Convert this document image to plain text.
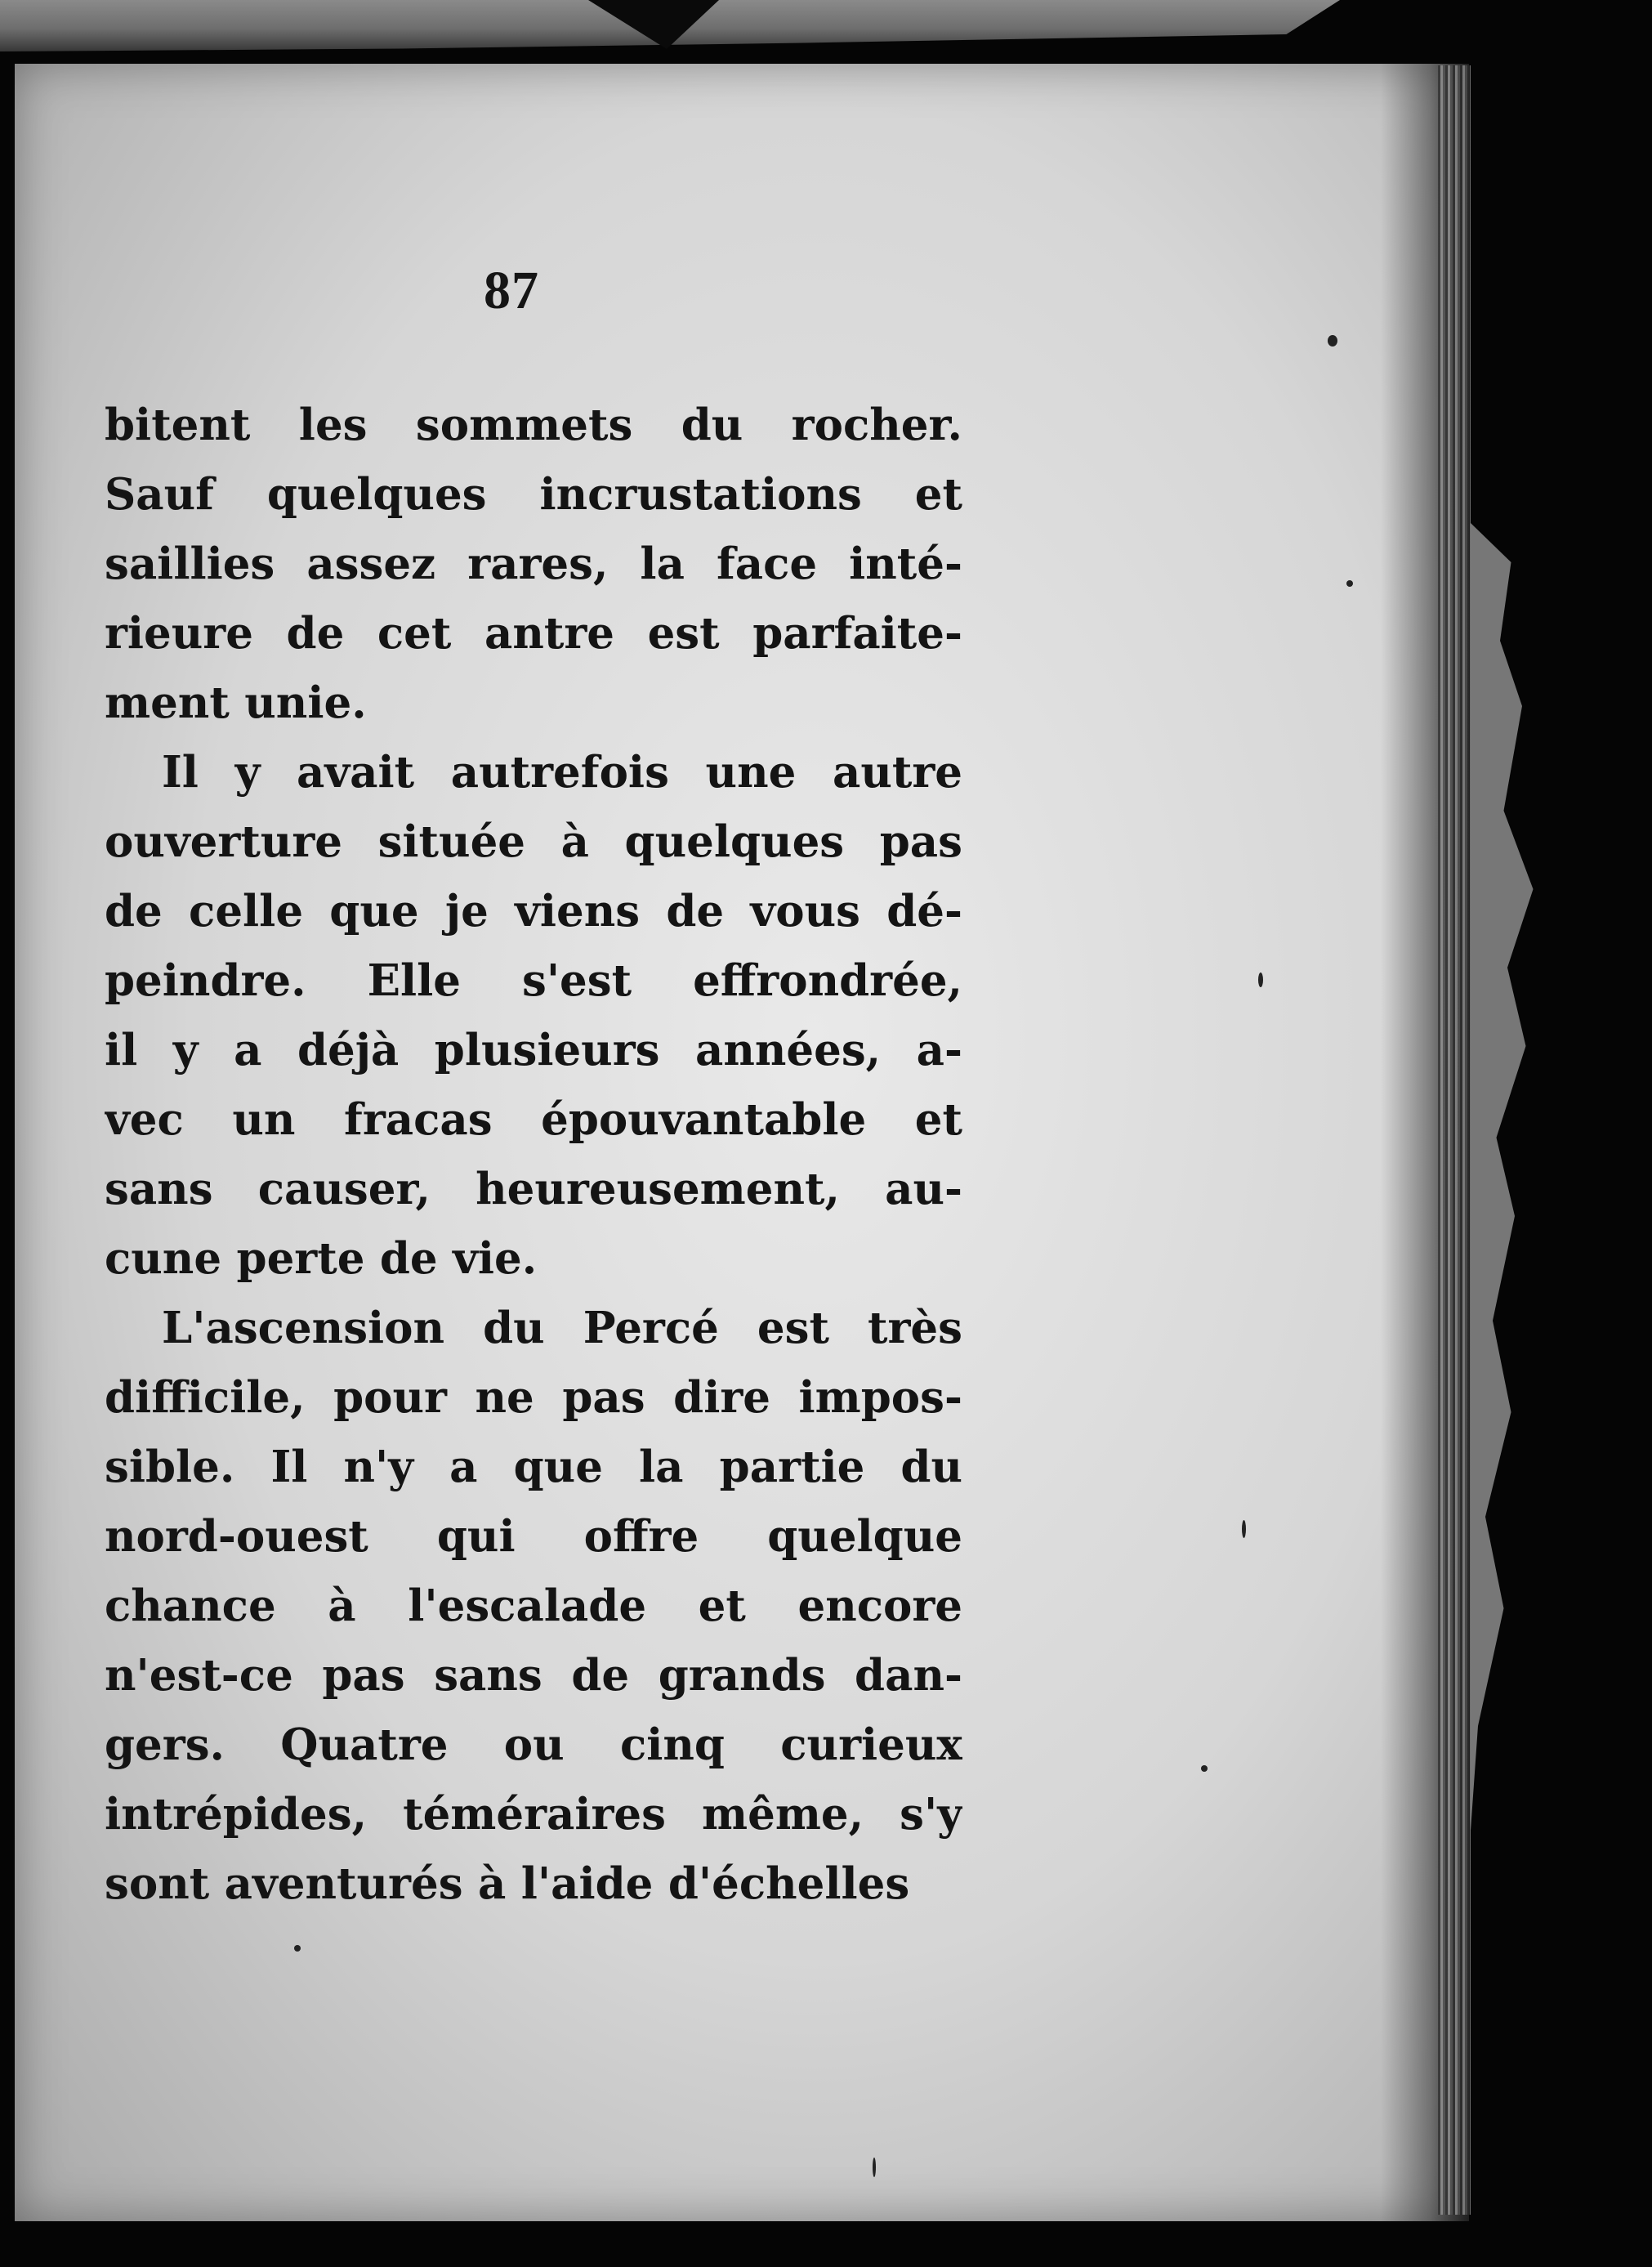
87
bitent les sommets du rocher.
Sauf quelques incrustations et
saillies assez rares, la face inté-
rieure de cet antre est parfaite-
ment unie.
Il y avait autrefois une autre
ouverture située à quelques pas
de celle que je viens de vous dé-
peindre. Elle s'est effrondrée,
il y a déjà plusieurs années, a-
vec un fracas épouvantable et
sans causer, heureusement, au-
cune perte de vie.
L'ascension du Percé est très
difficile, pour ne pas dire impos-
sible. Il n'y a que la partie du
nord-ouest qui offre quelque
chance à l'escalade et encore
n'est-ce pas sans de grands dan-
gers. Quatre ou cinq curieux
intrépides, téméraires même, s'y
sont aventurés à l'aide d'échelles
